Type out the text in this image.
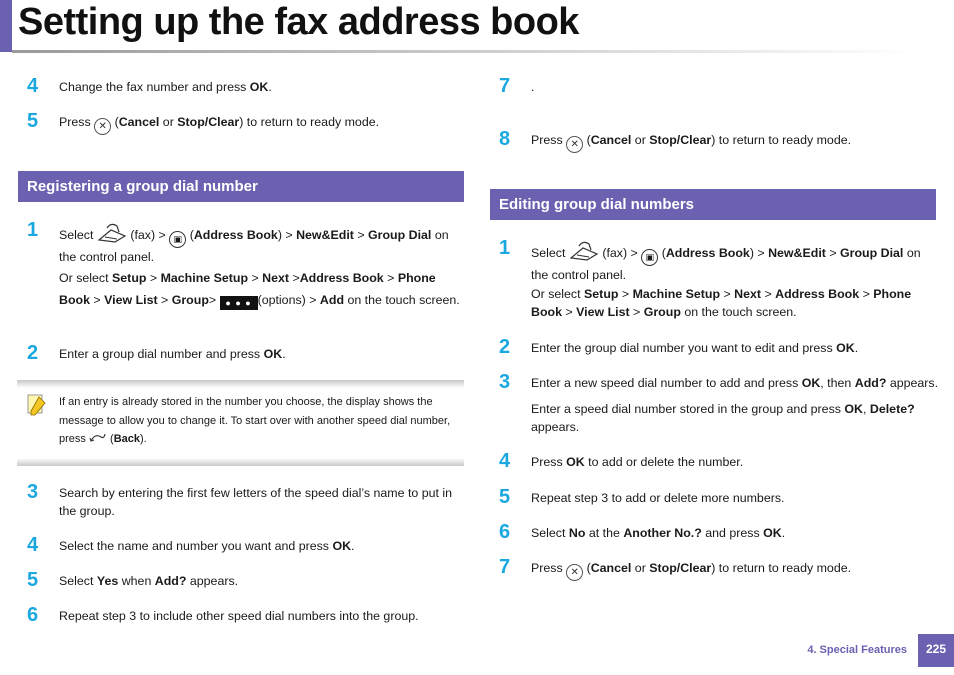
Setting up the fax address book
4	Change the fax number and press OK.
5	Press ✕ (Cancel or Stop/Clear) to return to ready mode.
Registering a group dial number
1	Select	(fax) > ▣ (Address Book) > New&Edit > Group Dial on the control panel.
Or select Setup > Machine Setup > Next >Address Book > Phone Book > View List > Group> ● ● ● (options) > Add on the touch screen.
2	Enter a group dial number and press OK.
If an entry is already stored in the number you choose, the display shows the message to allow you to change it. To start over with another speed dial number, press  (Back).
3	Search by entering the first few letters of the speed dial’s name to put in the group.
4	Select the name and number you want and press OK.
5	Select Yes when Add? appears.
6	Repeat step 3 to include other speed dial numbers into the group.
7	.
8	Press ✕ (Cancel or Stop/Clear) to return to ready mode.
Editing group dial numbers
1	Select	(fax) > ▣ (Address Book) > New&Edit > Group Dial on the control panel.
Or select Setup > Machine Setup > Next > Address Book > Phone Book > View List > Group on the touch screen.
2	Enter the group dial number you want to edit and press OK.
3	Enter a new speed dial number to add and press OK, then Add? appears.
Enter a speed dial number stored in the group and press OK, Delete? appears.
4	Press OK to add or delete the number.
5	Repeat step 3 to add or delete more numbers.
6	Select No at the Another No.? and press OK.
7	Press ✕ (Cancel or Stop/Clear) to return to ready mode.
4. Special Features	225
